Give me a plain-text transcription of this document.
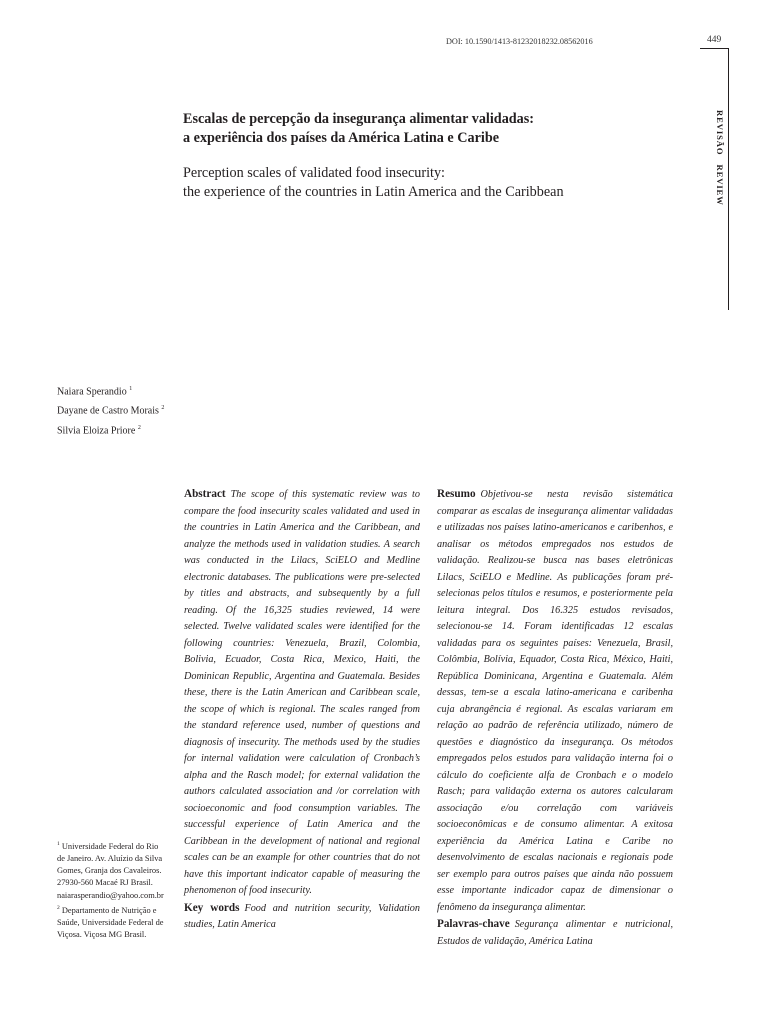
DOI: 10.1590/1413-81232018232.08562016	449
REVISÃOREVIEW
Escalas de percepção da insegurança alimentar validadas:
a experiência dos países da América Latina e Caribe
Perception scales of validated food insecurity:
the experience of the countries in Latin America and the Caribbean
Naiara Sperandio $^1$
Dayane de Castro Morais $^2$
Silvia Eloiza Priore $^2$
Abstract The scope of this systematic review was to compare the food insecurity scales validated and used in the countries in Latin America and the Caribbean, and analyze the methods used in validation studies. A search was conducted in the Lilacs, SciELO and Medline electronic databases. The publications were pre-selected by titles and abstracts, and subsequently by a full reading. Of the 16,325 studies reviewed, 14 were selected. Twelve validated scales were identified for the following countries: Venezuela, Brazil, Colombia, Bolivia, Ecuador, Costa Rica, Mexico, Haiti, the Dominican Republic, Argentina and Guatemala. Besides these, there is the Latin American and Caribbean scale, the scope of which is regional. The scales ranged from the standard reference used, number of questions and diagnosis of insecurity. The methods used by the studies for internal validation were calculation of Cronbach’s alpha and the Rasch model; for external validation the authors calculated association and /or correlation with socioeconomic and food consumption variables. The successful experience of Latin America and the Caribbean in the development of national and regional scales can be an example for other countries that do not have this important indicator capable of measuring the phenomenon of food insecurity.
Key words Food and nutrition security, Validation studies, Latin America
Resumo Objetivou-se nesta revisão sistemática comparar as escalas de insegurança alimentar validadas e utilizadas nos países latino-americanos e caribenhos, e analisar os métodos empregados nos estudos de validação. Realizou-se busca nas bases eletrônicas Lilacs, SciELO e Medline. As publicações foram pré-selecionas pelos títulos e resumos, e posteriormente pela leitura integral. Dos 16.325 estudos revisados, selecionou-se 14. Foram identificadas 12 escalas validadas para os seguintes países: Venezuela, Brasil, Colômbia, Bolívia, Equador, Costa Rica, México, Haiti, República Dominicana, Argentina e Guatemala. Além dessas, tem-se a escala latino-americana e caribenha cuja abrangência é regional. As escalas variaram em relação ao padrão de referência utilizado, número de questões e diagnóstico da insegurança. Os métodos empregados pelos estudos para validação interna foi o cálculo do coeficiente alfa de Cronbach e o modelo Rasch; para validação externa os autores calcularam associação e/ou correlação com variáveis socioeconômicas e de consumo alimentar. A exitosa experiência da América Latina e Caribe no desenvolvimento de escalas nacionais e regionais pode ser exemplo para outros países que ainda não possuem esse importante indicador capaz de dimensionar o fenômeno da insegurança alimentar.
Palavras-chave Segurança alimentar e nutricional, Estudos de validação, América Latina
$^1$ Universidade Federal do Rio de Janeiro. Av. Aluízio da Silva Gomes, Granja dos Cavaleiros. 27930-560 Macaé RJ Brasil. naiarasperandio@yahoo.com.br
$^2$ Departamento de Nutrição e Saúde, Universidade Federal de Viçosa. Viçosa MG Brasil.
